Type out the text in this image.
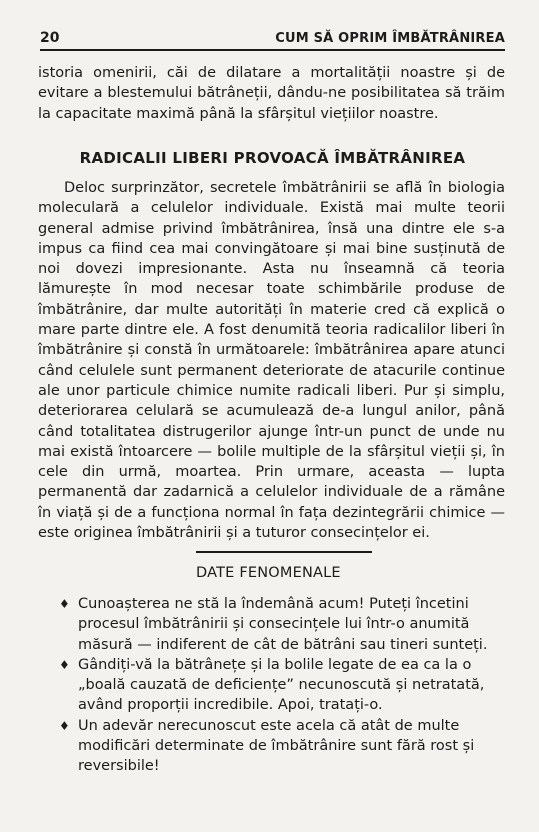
20	CUM SĂ OPRIM ÎMBĂTRÂNIREA
istoria omenirii, căi de dilatare a mortalității noastre și de evitare a blestemului bătrâneții, dându-ne posibilitatea să trăim la capacitate maximă până la sfârșitul viețiilor noastre.
RADICALII LIBERI PROVOACĂ ÎMBĂTRÂNIREA
Deloc surprinzător, secretele îmbătrânirii se află în biologia moleculară a celulelor individuale. Există mai multe teorii general admise privind îmbătrânirea, însă una dintre ele s-a impus ca fiind cea mai convingătoare și mai bine susținută de noi dovezi impresionante. Asta nu înseamnă că teoria lămurește în mod necesar toate schimbările produse de îmbătrânire, dar multe autorități în materie cred că explică o mare parte dintre ele. A fost denumită teoria radicalilor liberi în îmbătrânire și constă în următoarele: îmbătrânirea apare atunci când celulele sunt permanent deteriorate de atacurile continue ale unor particule chimice numite radicali liberi. Pur și simplu, deteriorarea celulară se acumulează de-a lungul anilor, până când totalitatea distrugerilor ajunge într-un punct de unde nu mai există întoarcere — bolile multiple de la sfârșitul vieții și, în cele din urmă, moartea. Prin urmare, aceasta — lupta permanentă dar zadarnică a celulelor individuale de a rămâne în viață și de a funcționa normal în fața dezintegrării chimice — este originea îmbătrânirii și a tuturor consecințelor ei.
DATE FENOMENALE
♦ Cunoașterea ne stă la îndemână acum! Puteți încetini procesul îmbătrânirii și consecințele lui într-o anumită măsură — indiferent de cât de bătrâni sau tineri sunteți.
♦ Gândiți-vă la bătrânețe și la bolile legate de ea ca la o „boală cauzată de deficiențe” necunoscută și netratată, având proporții incredibile. Apoi, tratați-o.
♦ Un adevăr nerecunoscut este acela că atât de multe modificări determinate de îmbătrânire sunt fără rost și reversibile!
